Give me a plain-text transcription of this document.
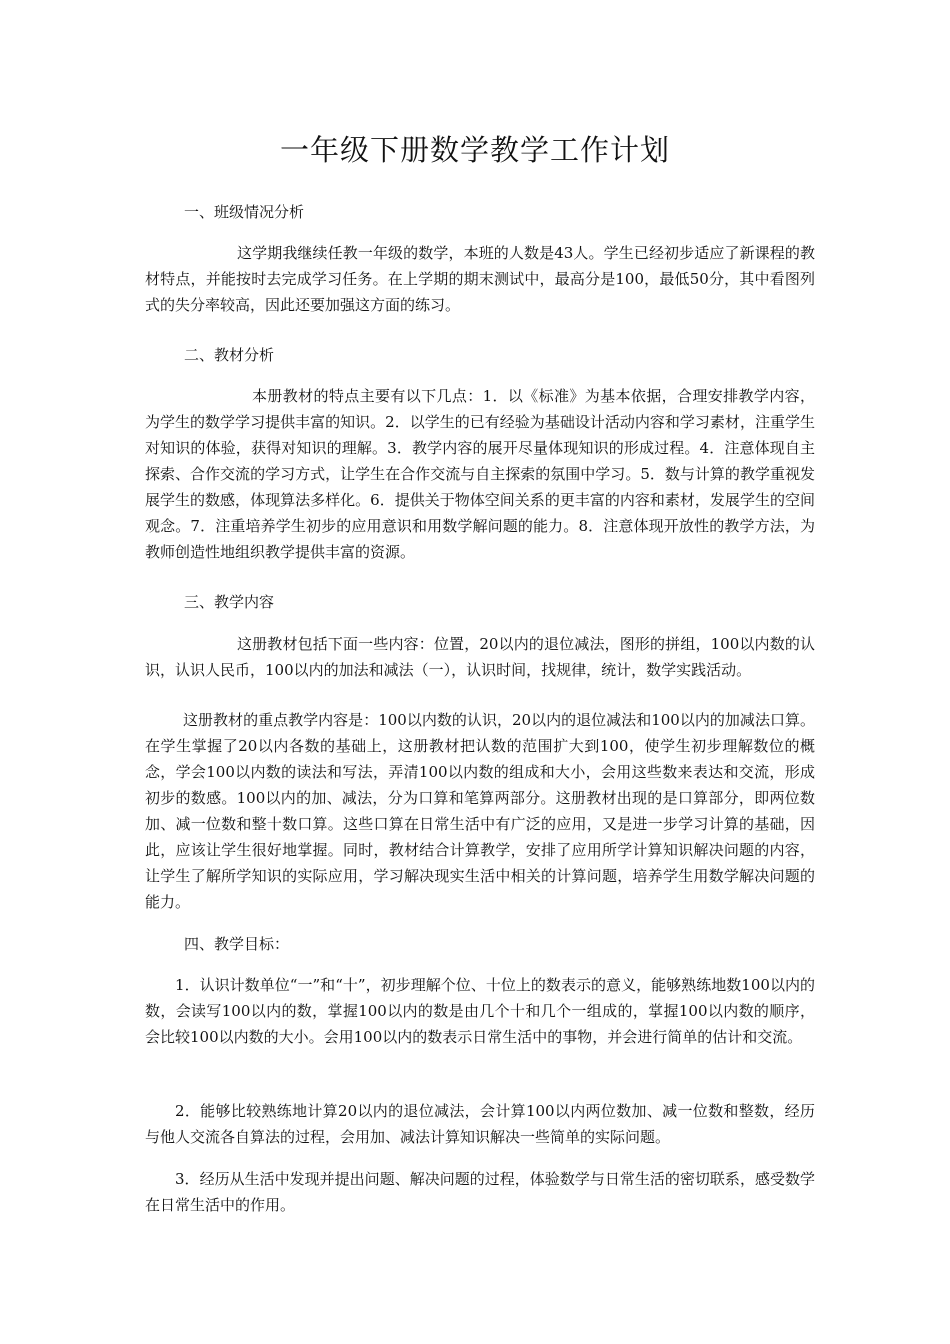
一年级下册数学教学工作计划
一、班级情况分析

这学期我继续任教一年级的数学，本班的人数是43人。学生已经初步适应了新课程的教材特点，并能按时去完成学习任务。在上学期的期末测试中，最高分是100，最低50分，其中看图列式的失分率较高，因此还要加强这方面的练习。

二、教材分析

本册教材的特点主要有以下几点：1．以《标准》为基本依据，合理安排教学内容，为学生的数学学习提供丰富的知识。2．以学生的已有经验为基础设计活动内容和学习素材，注重学生对知识的体验，获得对知识的理解。3．教学内容的展开尽量体现知识的形成过程。4．注意体现自主探索、合作交流的学习方式，让学生在合作交流与自主探索的氛围中学习。5．数与计算的教学重视发展学生的数感，体现算法多样化。6．提供关于物体空间关系的更丰富的内容和素材，发展学生的空间观念。7．注重培养学生初步的应用意识和用数学解问题的能力。8．注意体现开放性的教学方法，为教师创造性地组织教学提供丰富的资源。

三、教学内容

这册教材包括下面一些内容：位置，20以内的退位减法，图形的拼组，100以内数的认识，认识人民币，100以内的加法和减法（一），认识时间，找规律，统计，数学实践活动。

这册教材的重点教学内容是：100以内数的认识，20以内的退位减法和100以内的加减法口算。在学生掌握了20以内各数的基础上，这册教材把认数的范围扩大到100，使学生初步理解数位的概念，学会100以内数的读法和写法，弄清100以内数的组成和大小，会用这些数来表达和交流，形成初步的数感。100以内的加、减法，分为口算和笔算两部分。这册教材出现的是口算部分，即两位数加、减一位数和整十数口算。这些口算在日常生活中有广泛的应用，又是进一步学习计算的基础，因此，应该让学生很好地掌握。同时，教材结合计算教学，安排了应用所学计算知识解决问题的内容，让学生了解所学知识的实际应用，学习解决现实生活中相关的计算问题，培养学生用数学解决问题的能力。

四、教学目标：

1．认识计数单位“一”和“十”，初步理解个位、十位上的数表示的意义，能够熟练地数100以内的数，会读写100以内的数，掌握100以内的数是由几个十和几个一组成的，掌握100以内数的顺序，会比较100以内数的大小。会用100以内的数表示日常生活中的事物，并会进行简单的估计和交流。

2．能够比较熟练地计算20以内的退位减法，会计算100以内两位数加、减一位数和整数，经历与他人交流各自算法的过程，会用加、减法计算知识解决一些简单的实际问题。

3．经历从生活中发现并提出问题、解决问题的过程，体验数学与日常生活的密切联系，感受数学在日常生活中的作用。
